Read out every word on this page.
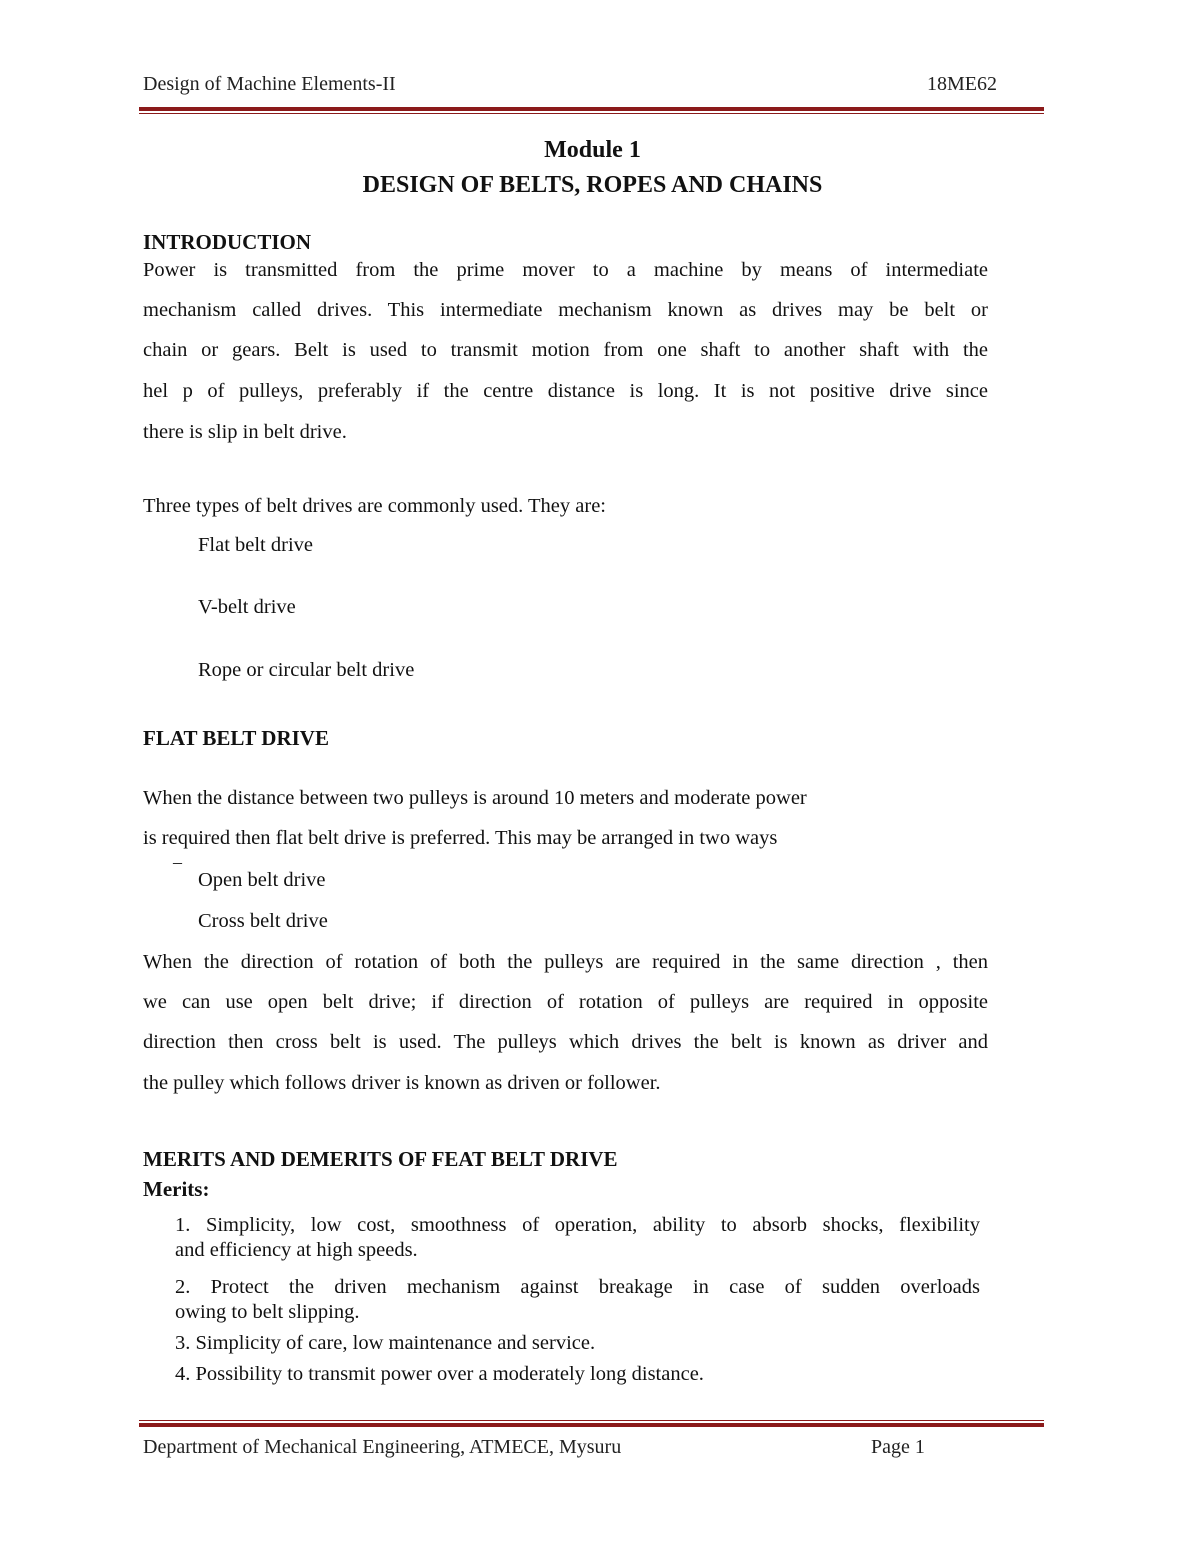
Design of Machine Elements-II	18ME62
Module 1
DESIGN OF BELTS, ROPES AND CHAINS
INTRODUCTION
Power is transmitted from the prime mover to a machine by means of intermediate
mechanism called drives. This intermediate mechanism known as drives may be belt or
chain or gears. Belt is used to transmit motion from one shaft to another shaft with the
hel p of pulleys, preferably if the centre distance is long. It is not positive drive since
there is slip in belt drive.
Three types of belt drives are commonly used. They are:
Flat belt drive
V-belt drive
Rope or circular belt drive
FLAT BELT DRIVE
When the distance between two pulleys is around 10 meters and moderate power
is required then flat belt drive is preferred. This may be arranged in two ways
–
Open belt drive
Cross belt drive
When the direction of rotation of both the pulleys are required in the same direction , then
we can use open belt drive; if direction of rotation of pulleys are required in opposite
direction then cross belt is used. The pulleys which drives the belt is known as driver and
the pulley which follows driver is known as driven or follower.
MERITS AND DEMERITS OF FEAT BELT DRIVE
Merits:
1. Simplicity, low cost, smoothness of operation, ability to absorb shocks, flexibility
and efficiency at high speeds.
2. Protect the driven mechanism against breakage in case of sudden overloads
owing to belt slipping.
3. Simplicity of care, low maintenance and service.
4. Possibility to transmit power over a moderately long distance.
Department of Mechanical Engineering, ATMECE, Mysuru	Page 1
